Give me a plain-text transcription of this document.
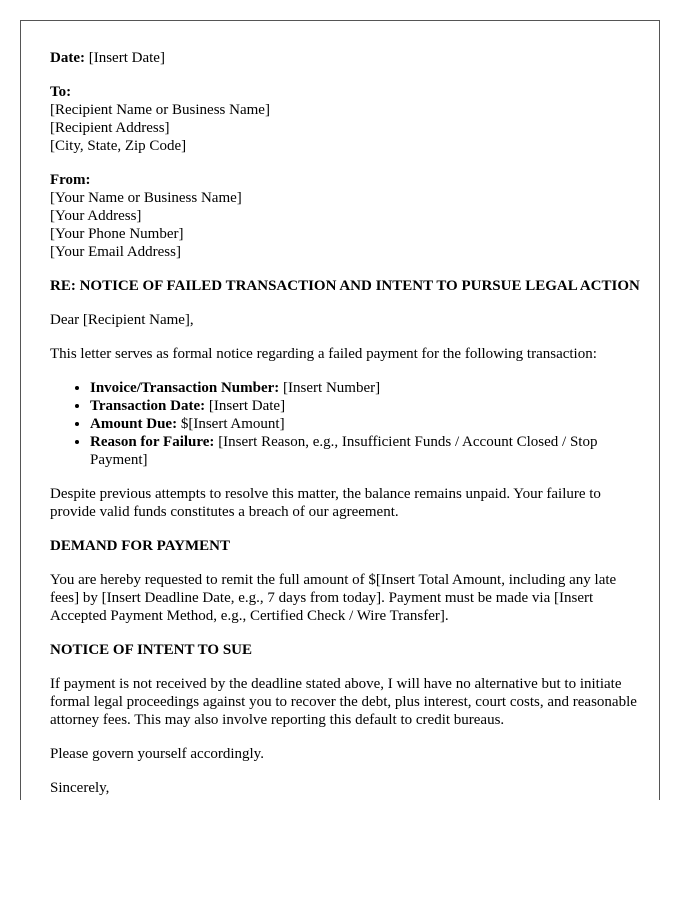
Date: [Insert Date]
To:
[Recipient Name or Business Name]
[Recipient Address]
[City, State, Zip Code]
From:
[Your Name or Business Name]
[Your Address]
[Your Phone Number]
[Your Email Address]
RE: NOTICE OF FAILED TRANSACTION AND INTENT TO PURSUE LEGAL ACTION

Dear [Recipient Name],

This letter serves as formal notice regarding a failed payment for the following transaction:

• Invoice/Transaction Number: [Insert Number]
• Transaction Date: [Insert Date]
• Amount Due: $[Insert Amount]
• Reason for Failure: [Insert Reason, e.g., Insufficient Funds / Account Closed / Stop Payment]

Despite previous attempts to resolve this matter, the balance remains unpaid. Your failure to provide valid funds constitutes a breach of our agreement.

DEMAND FOR PAYMENT

You are hereby requested to remit the full amount of $[Insert Total Amount, including any late fees] by [Insert Deadline Date, e.g., 7 days from today]. Payment must be made via [Insert Accepted Payment Method, e.g., Certified Check / Wire Transfer].

NOTICE OF INTENT TO SUE

If payment is not received by the deadline stated above, I will have no alternative but to initiate formal legal proceedings against you to recover the debt, plus interest, court costs, and reasonable attorney fees. This may also involve reporting this default to credit bureaus.

Please govern yourself accordingly.

Sincerely,
